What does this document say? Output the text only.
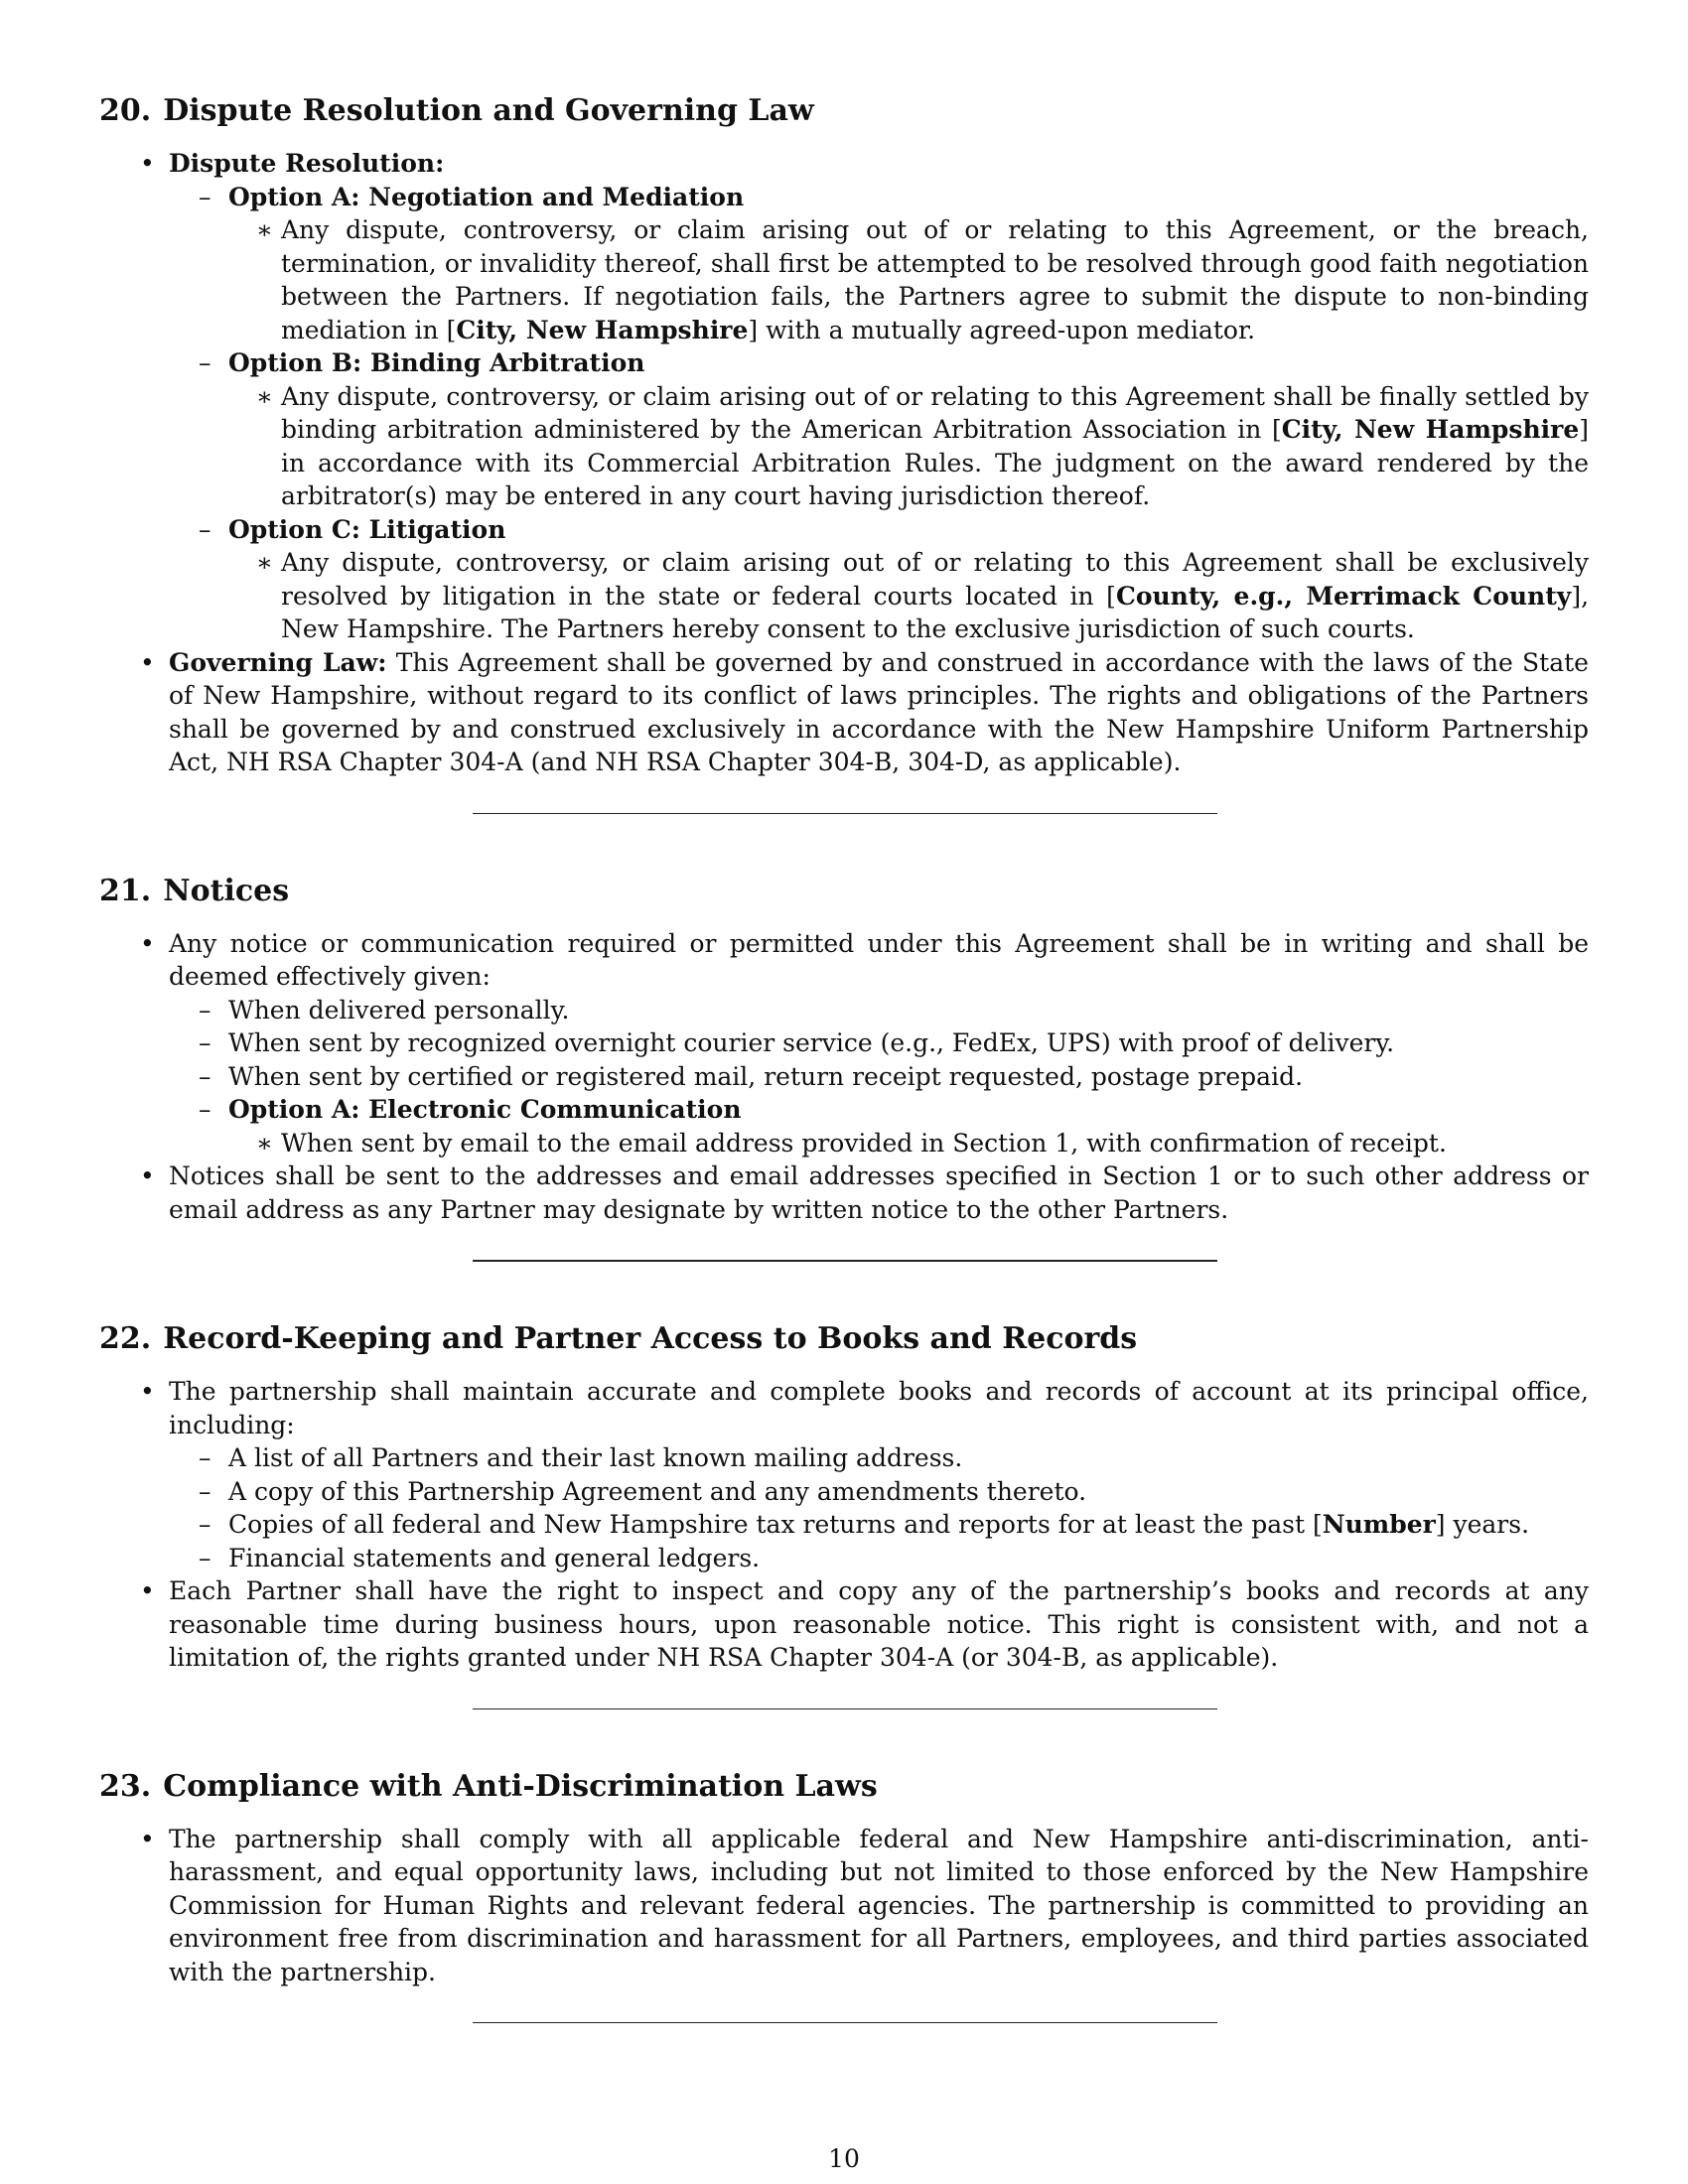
20. Dispute Resolution and Governing Law
• Dispute Resolution:
– Option A: Negotiation and Mediation
∗ Any dispute, controversy, or claim arising out of or relating to this Agreement, or the breach, termination, or invalidity thereof, shall first be attempted to be resolved through good faith negotiation between the Partners. If negotiation fails, the Partners agree to submit the dispute to non-binding mediation in [City, New Hampshire] with a mutually agreed-upon mediator.
– Option B: Binding Arbitration
∗ Any dispute, controversy, or claim arising out of or relating to this Agreement shall be finally settled by binding arbitration administered by the American Arbitration Association in [City, New Hampshire] in accordance with its Commercial Arbitration Rules. The judgment on the award rendered by the arbitrator(s) may be entered in any court having jurisdiction thereof.
– Option C: Litigation
∗ Any dispute, controversy, or claim arising out of or relating to this Agreement shall be exclusively resolved by litigation in the state or federal courts located in [County, e.g., Merrimack County], New Hampshire. The Partners hereby consent to the exclusive jurisdiction of such courts.
• Governing Law: This Agreement shall be governed by and construed in accordance with the laws of the State of New Hampshire, without regard to its conflict of laws principles. The rights and obligations of the Partners shall be governed by and construed exclusively in accordance with the New Hampshire Uniform Partnership Act, NH RSA Chapter 304-A (and NH RSA Chapter 304-B, 304-D, as applicable).
21. Notices
• Any notice or communication required or permitted under this Agreement shall be in writing and shall be deemed effectively given:
– When delivered personally.
– When sent by recognized overnight courier service (e.g., FedEx, UPS) with proof of delivery.
– When sent by certified or registered mail, return receipt requested, postage prepaid.
– Option A: Electronic Communication
∗ When sent by email to the email address provided in Section 1, with confirmation of receipt.
• Notices shall be sent to the addresses and email addresses specified in Section 1 or to such other address or email address as any Partner may designate by written notice to the other Partners.
22. Record-Keeping and Partner Access to Books and Records
• The partnership shall maintain accurate and complete books and records of account at its principal office, including:
– A list of all Partners and their last known mailing address.
– A copy of this Partnership Agreement and any amendments thereto.
– Copies of all federal and New Hampshire tax returns and reports for at least the past [Number] years.
– Financial statements and general ledgers.
• Each Partner shall have the right to inspect and copy any of the partnership’s books and records at any reasonable time during business hours, upon reasonable notice. This right is consistent with, and not a limitation of, the rights granted under NH RSA Chapter 304-A (or 304-B, as applicable).
23. Compliance with Anti-Discrimination Laws
• The partnership shall comply with all applicable federal and New Hampshire anti-discrimination, anti-harassment, and equal opportunity laws, including but not limited to those enforced by the New Hampshire Commission for Human Rights and relevant federal agencies. The partnership is committed to providing an environment free from discrimination and harassment for all Partners, employees, and third parties associated with the partnership.
10
